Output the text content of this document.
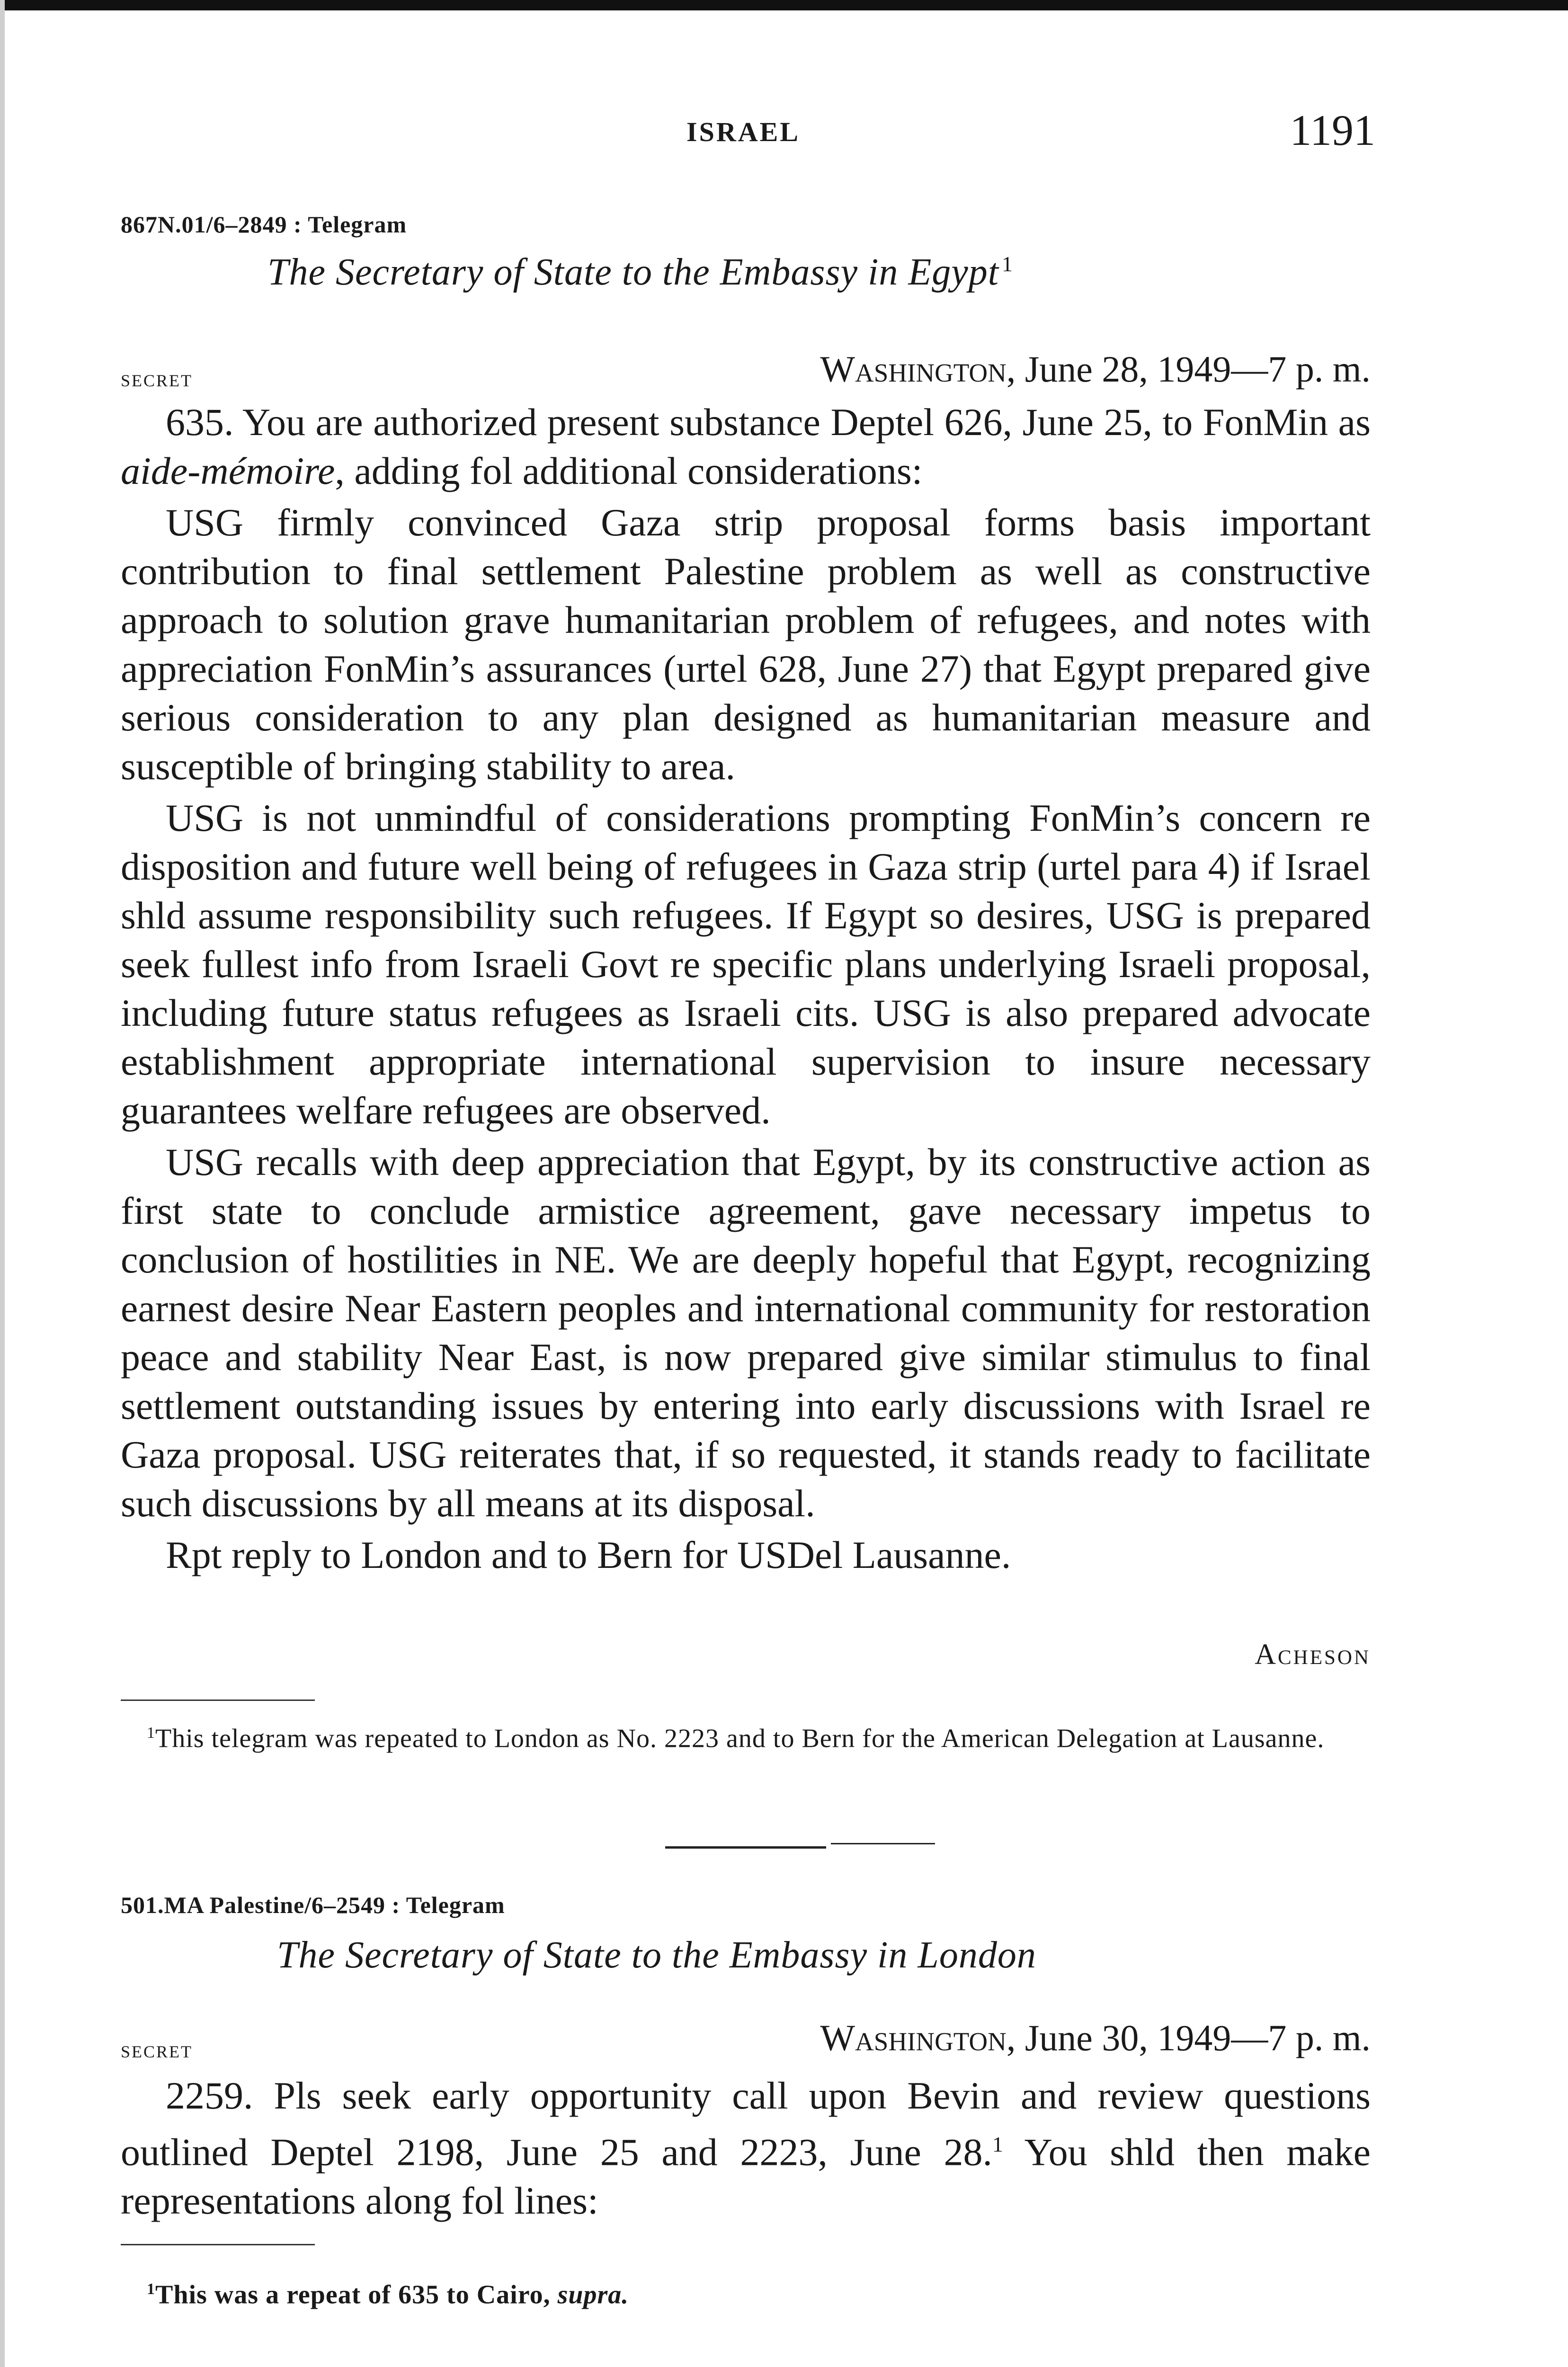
ISRAEL	1191
867N.01/6–2849 : Telegram
The Secretary of State to the Embassy in Egypt $^1$
secret	Washington, June 28, 1949—7 p. m.

635. You are authorized present substance Deptel 626, June 25, to FonMin as aide-mémoire, adding fol additional considerations:

USG firmly convinced Gaza strip proposal forms basis important contribution to final settlement Palestine problem as well as constructive approach to solution grave humanitarian problem of refugees, and notes with appreciation FonMin’s assurances (urtel 628, June 27) that Egypt prepared give serious consideration to any plan designed as humanitarian measure and susceptible of bringing stability to area.

USG is not unmindful of considerations prompting FonMin’s concern re disposition and future well being of refugees in Gaza strip (urtel para 4) if Israel shld assume responsibility such refugees. If Egypt so desires, USG is prepared seek fullest info from Israeli Govt re specific plans underlying Israeli proposal, including future status refugees as Israeli cits. USG is also prepared advocate establishment appropriate international supervision to insure necessary guarantees welfare refugees are observed.

USG recalls with deep appreciation that Egypt, by its constructive action as first state to conclude armistice agreement, gave necessary impetus to conclusion of hostilities in NE. We are deeply hopeful that Egypt, recognizing earnest desire Near Eastern peoples and international community for restoration peace and stability Near East, is now prepared give similar stimulus to final settlement outstanding issues by entering into early discussions with Israel re Gaza proposal. USG reiterates that, if so requested, it stands ready to facilitate such discussions by all means at its disposal.

Rpt reply to London and to Bern for USDel Lausanne.

Acheson

$^1$This telegram was repeated to London as No. 2223 and to Bern for the American Delegation at Lausanne.

501.MA Palestine/6–2549 : Telegram
The Secretary of State to the Embassy in London
secret	Washington, June 30, 1949—7 p. m.

2259. Pls seek early opportunity call upon Bevin and review questions outlined Deptel 2198, June 25 and 2223, June 28.$^1$ You shld then make representations along fol lines:

$^1$This was a repeat of 635 to Cairo, supra.
